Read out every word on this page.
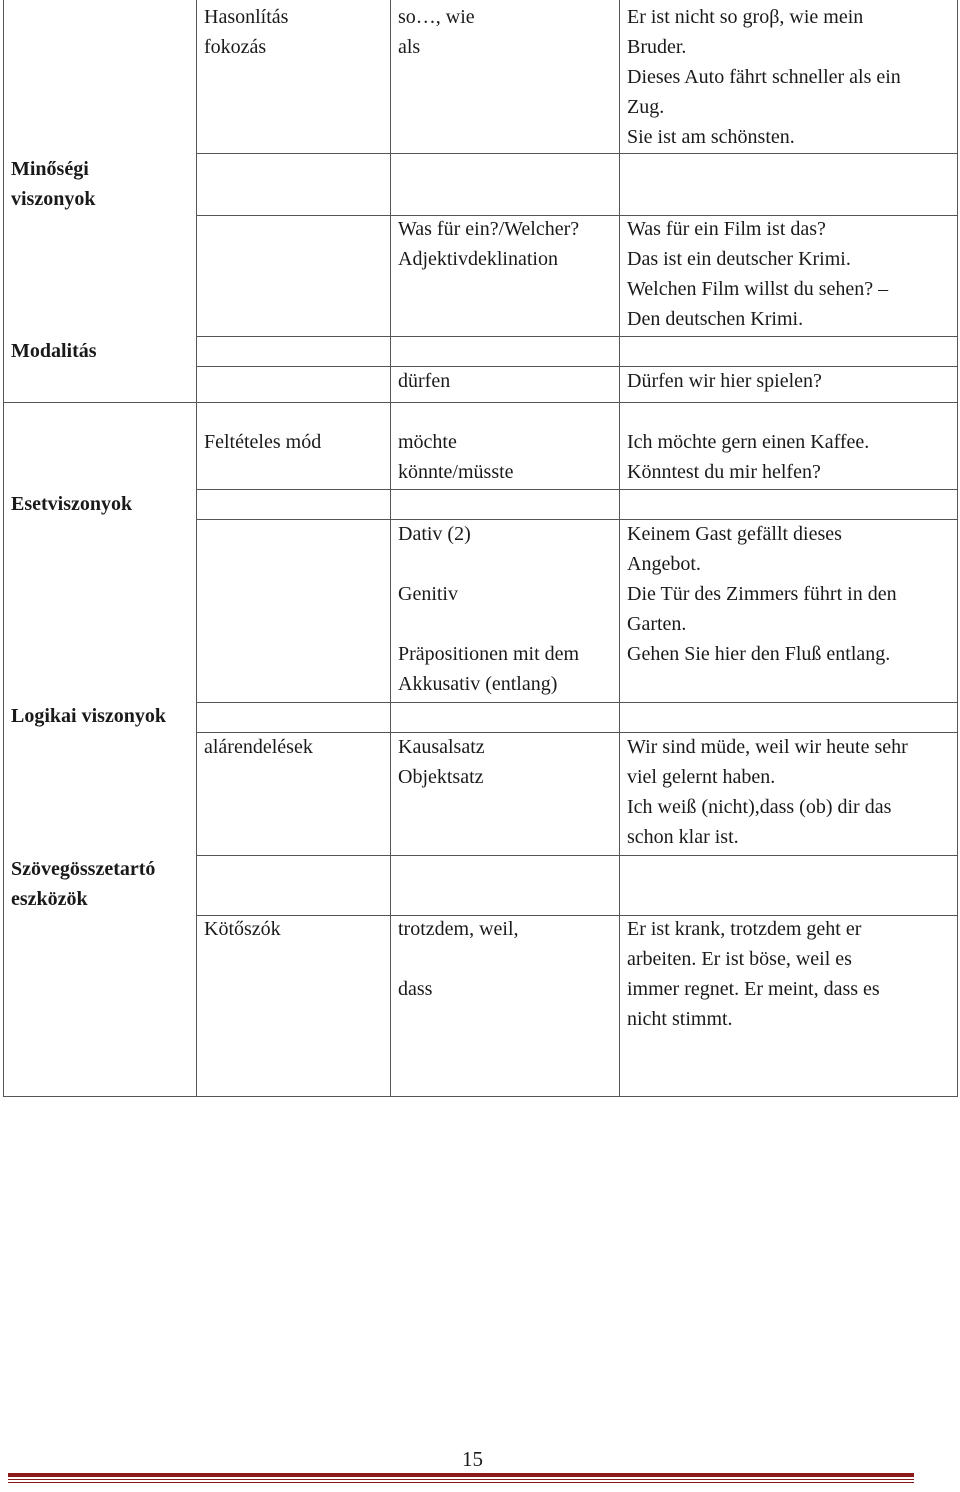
Minőségi
viszonyok
Modalitás
Esetviszonyok
Logikai viszonyok
Szövegösszetartó
eszközök
Hasonlítás
fokozás
Feltételes mód
alárendelések
Kötőszók
so…, wie
als
Was für ein?/Welcher?
Adjektivdeklination
dürfen
möchte
könnte/müsste
Dativ (2)
Genitiv
Präpositionen mit dem
Akkusativ (entlang)
Kausalsatz
Objektsatz
trotzdem, weil,
dass
Er ist nicht so groβ, wie mein
Bruder.
Dieses Auto fährt schneller als ein
Zug.
Sie ist am schönsten.
Was für ein Film ist das?
Das ist ein deutscher Krimi.
Welchen Film willst du sehen? –
Den deutschen Krimi.
Dürfen wir hier spielen?
Ich möchte gern einen Kaffee.
Könntest du mir helfen?
Keinem Gast gefällt dieses
Angebot.
Die Tür des Zimmers führt in den
Garten.
Gehen Sie hier den Fluß entlang.
Wir sind müde, weil wir heute sehr
viel gelernt haben.
Ich weiß (nicht),dass (ob) dir das
schon klar ist.
Er ist krank, trotzdem geht er
arbeiten. Er ist böse, weil es
immer regnet. Er meint, dass es
nicht stimmt.
15
